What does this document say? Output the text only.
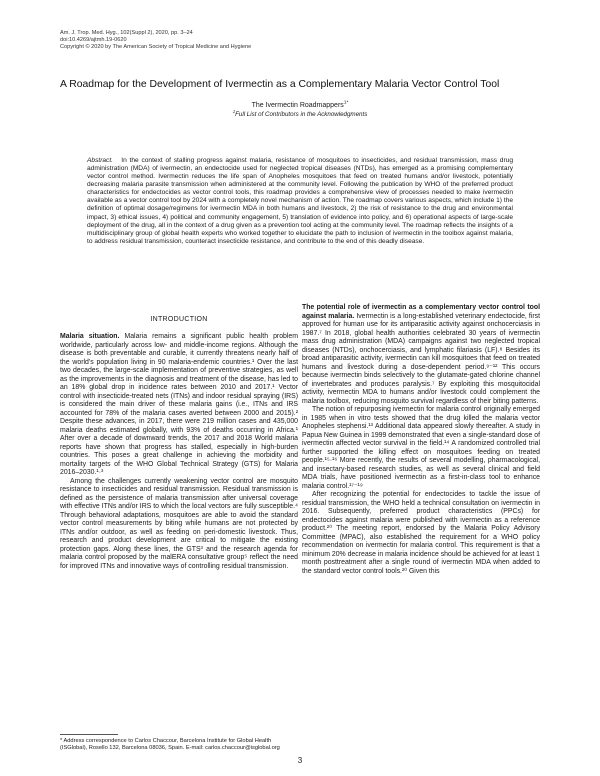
Am. J. Trop. Med. Hyg., 102(Suppl 2), 2020, pp. 3–24
doi:10.4269/ajtmh.19-0620
Copyright © 2020 by The American Society of Tropical Medicine and Hygiene
A Roadmap for the Development of Ivermectin as a Complementary Malaria Vector Control Tool
The Ivermectin Roadmappers$^{1*}$
$^1$Full List of Contributors in the Acknowledgments
Abstract. In the context of stalling progress against malaria, resistance of mosquitoes to insecticides, and residual transmission, mass drug administration (MDA) of ivermectin, an endectocide used for neglected tropical diseases (NTDs), has emerged as a promising complementary vector control method. Ivermectin reduces the life span of Anopheles mosquitoes that feed on treated humans and/or livestock, potentially decreasing malaria parasite transmission when administered at the community level. Following the publication by WHO of the preferred product characteristics for endectocides as vector control tools, this roadmap provides a comprehensive view of processes needed to make ivermectin available as a vector control tool by 2024 with a completely novel mechanism of action. The roadmap covers various aspects, which include 1) the definition of optimal dosage/regimens for ivermectin MDA in both humans and livestock, 2) the risk of resistance to the drug and environmental impact, 3) ethical issues, 4) political and community engagement, 5) translation of evidence into policy, and 6) operational aspects of large-scale deployment of the drug, all in the context of a drug given as a prevention tool acting at the community level. The roadmap reflects the insights of a multidisciplinary group of global health experts who worked together to elucidate the path to inclusion of ivermectin in the toolbox against malaria, to address residual transmission, counteract insecticide resistance, and contribute to the end of this deadly disease.
INTRODUCTION

Malaria situation. Malaria remains a significant public health problem worldwide, particularly across low- and middle-income regions. Although the disease is both preventable and curable, it currently threatens nearly half of the world’s population living in 90 malaria-endemic countries.¹ Over the last two decades, the large-scale implementation of preventive strategies, as well as the improvements in the diagnosis and treatment of the disease, has led to an 18% global drop in incidence rates between 2010 and 2017.¹ Vector control with insecticide-treated nets (ITNs) and indoor residual spraying (IRS) is considered the main driver of these malaria gains (i.e., ITNs and IRS accounted for 78% of the malaria cases averted between 2000 and 2015).² Despite these advances, in 2017, there were 219 million cases and 435,000 malaria deaths estimated globally, with 93% of deaths occurring in Africa.¹ After over a decade of downward trends, the 2017 and 2018 World malaria reports have shown that progress has stalled, especially in high-burden countries. This poses a great challenge in achieving the morbidity and mortality targets of the WHO Global Technical Strategy (GTS) for Malaria 2016–2030.¹·³

Among the challenges currently weakening vector control are mosquito resistance to insecticides and residual transmission. Residual transmission is defined as the persistence of malaria transmission after universal coverage with effective ITNs and/or IRS to which the local vectors are fully susceptible.⁴ Through behavioral adaptations, mosquitoes are able to avoid the standard vector control measurements by biting while humans are not protected by ITNs and/or outdoor, as well as feeding on peri-domestic livestock. Thus, research and product development are critical to mitigate the existing protection gaps. Along these lines, the GTS³ and the research agenda for malaria control proposed by the malERA consultative group⁵ reflect the need for improved ITNs and innovative ways of controlling residual transmission.

The potential role of ivermectin as a complementary vector control tool against malaria. Ivermectin is a long-established veterinary endectocide, first approved for human use for its antiparasitic activity against onchocerciasis in 1987.⁷ In 2018, global health authorities celebrated 30 years of ivermectin mass drug administration (MDA) campaigns against two neglected tropical diseases (NTDs), onchocerciasis, and lymphatic filariasis (LF).⁸ Besides its broad antiparasitic activity, ivermectin can kill mosquitoes that feed on treated humans and livestock during a dose-dependent period.⁹⁻¹² This occurs because ivermectin binds selectively to the glutamate-gated chlorine channel of invertebrates and produces paralysis.⁷ By exploiting this mosquitocidal activity, ivermectin MDA to humans and/or livestock could complement the malaria toolbox, reducing mosquito survival regardless of their biting patterns.

The notion of repurposing ivermectin for malaria control originally emerged in 1985 when in vitro tests showed that the drug killed the malaria vector Anopheles stephensi.¹³ Additional data appeared slowly thereafter. A study in Papua New Guinea in 1999 demonstrated that even a single-standard dose of ivermectin affected vector survival in the field.¹⁴ A randomized controlled trial further supported the killing effect on mosquitoes feeding on treated people.¹⁵·¹⁶ More recently, the results of several modelling, pharmacological, and insectary-based research studies, as well as several clinical and field MDA trials, have positioned ivermectin as a first-in-class tool to enhance malaria control.¹⁷⁻¹⁹

After recognizing the potential for endectocides to tackle the issue of residual transmission, the WHO held a technical consultation on ivermectin in 2016. Subsequently, preferred product characteristics (PPCs) for endectocides against malaria were published with ivermectin as a reference product.²⁰ The meeting report, endorsed by the Malaria Policy Advisory Committee (MPAC), also established the requirement for a WHO policy recommendation on ivermectin for malaria control. This requirement is that a minimum 20% decrease in malaria incidence should be achieved for at least 1 month posttreatment after a single round of ivermectin MDA when added to the standard vector control tools.²⁰ Given this

* Address correspondence to Carlos Chaccour, Barcelona Institute for Global Health (ISGlobal), Rosello 132, Barcelona 08036, Spain. E-mail: carlos.chaccour@isglobal.org
3
